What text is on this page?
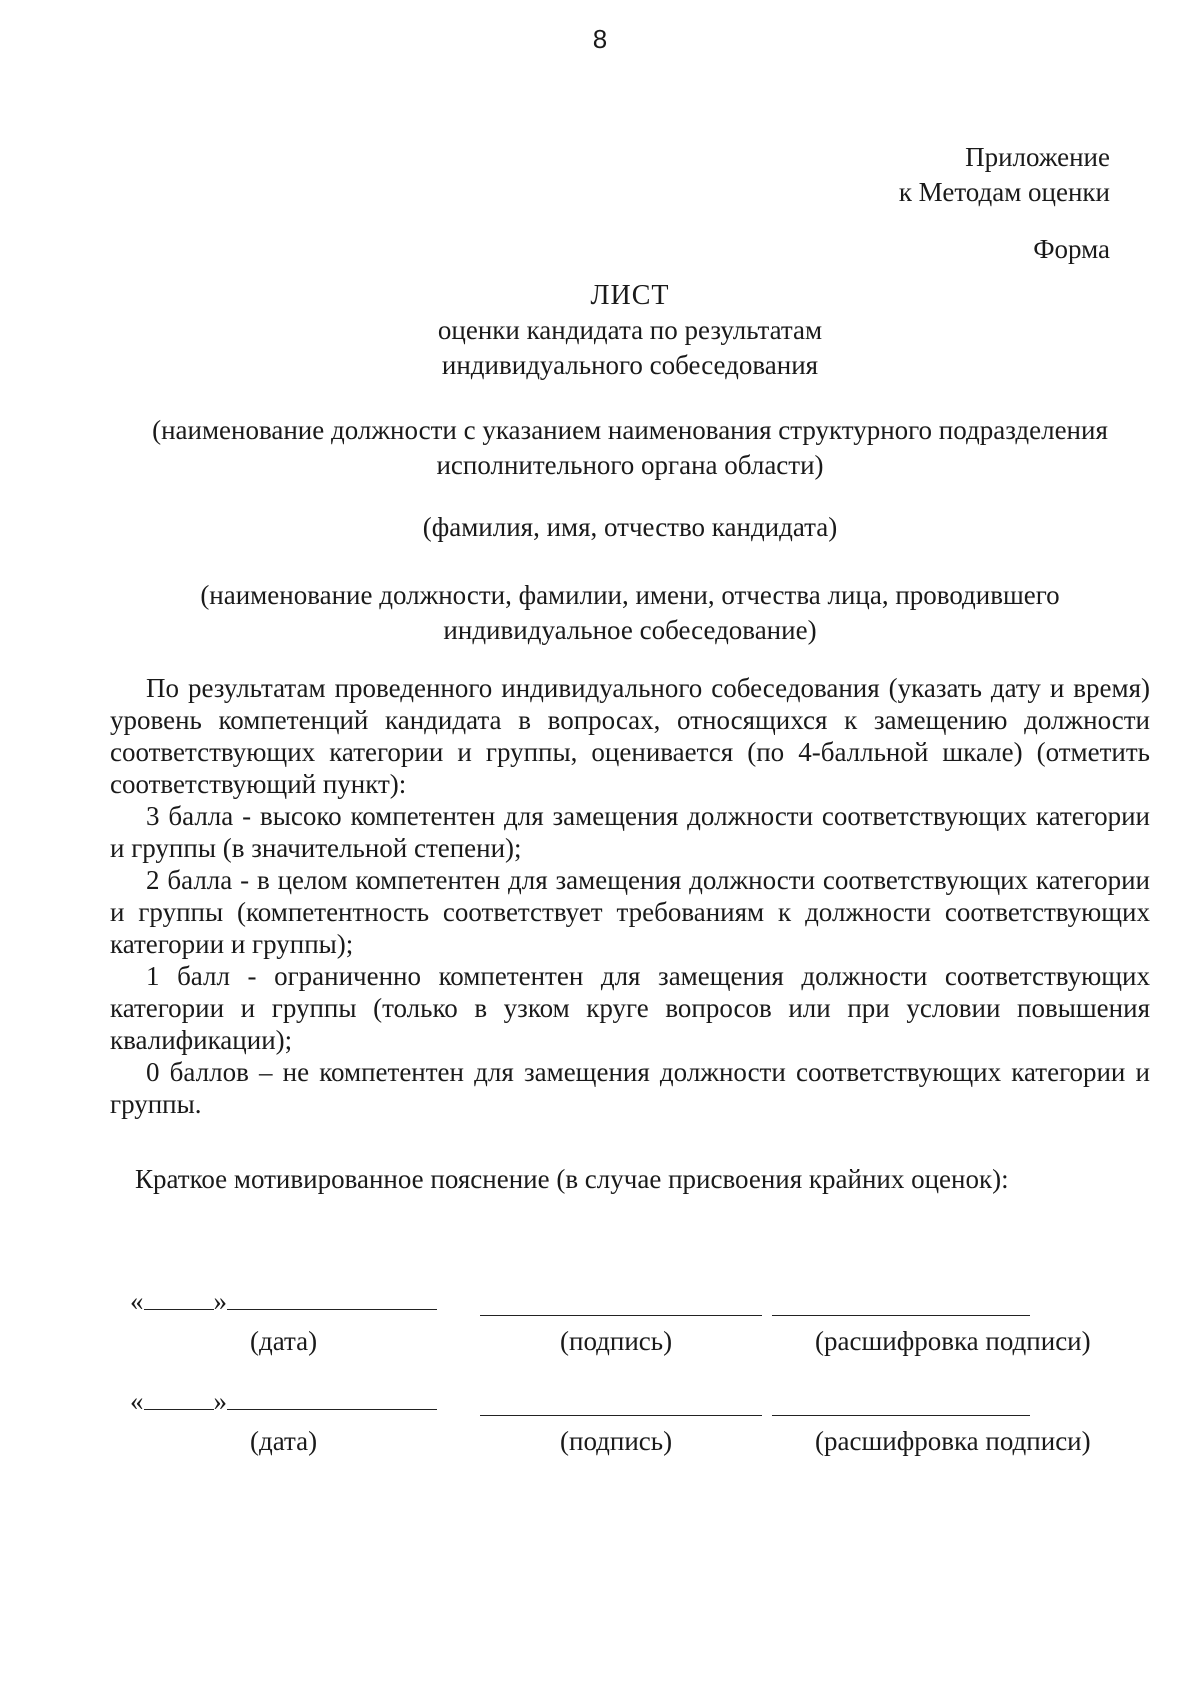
8
Приложение
к Методам оценки
Форма
ЛИСТ
оценки кандидата по результатам
индивидуального собеседования
(наименование должности с указанием наименования структурного подразделения
исполнительного органа области)
(фамилия, имя, отчество кандидата)
(наименование должности, фамилии, имени, отчества лица, проводившего
индивидуальное собеседование)

По результатам проведенного индивидуального собеседования (указать дату и время) уровень компетенций кандидата в вопросах, относящихся к замещению должности соответствующих категории и группы, оценивается (по 4-балльной шкале) (отметить соответствующий пункт):

3 балла - высоко компетентен для замещения должности соответствующих категории и группы (в значительной степени);

2 балла - в целом компетентен для замещения должности соответствующих категории и группы (компетентность соответствует требованиям к должности соответствующих категории и группы);

1 балл - ограниченно компетентен для замещения должности соответствующих категории и группы (только в узком круге вопросов или при условии повышения квалификации);

0 баллов – не компетентен для замещения должности соответствующих категории и группы.

Краткое мотивированное пояснение (в случае присвоения крайних оценок):
«	»
(дата)	(подпись)	(расшифровка подписи)
«	»
(дата)	(подпись)	(расшифровка подписи)
